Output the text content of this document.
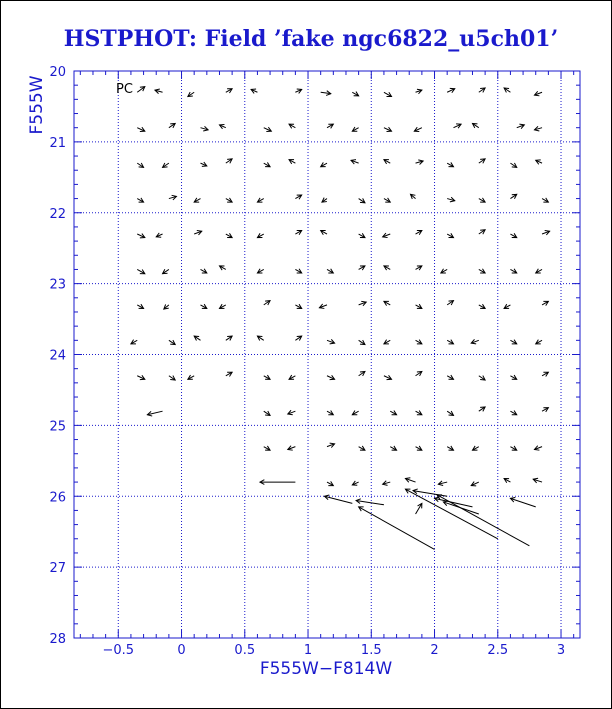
HSTPHOT: Field ’fake ngc6822_u5ch01’
−0.5	0	0.5	1	1.5	2	2.5	3
20
21
22
23
24
25
26
27
28
F555W−F814W
F555W	PC
